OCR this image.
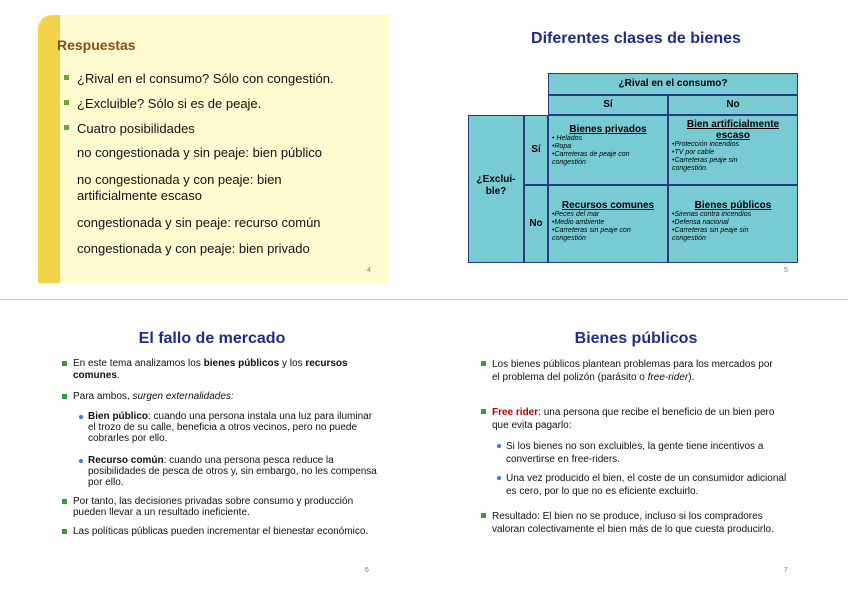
Respuestas
¿Rival en el consumo? Sólo con congestión.
¿Excluible? Sólo si es de peaje.
Cuatro posibilidades
no congestionada y sin peaje: bien público
no congestionada y con peaje: bien artificialmente escaso
congestionada y sin peaje: recurso común
congestionada y con peaje: bien privado
4
Diferentes clases de bienes
¿Rival en el consumo?
Sí	No
¿Exclui-ble?
Sí
No
Bienes privados
• Helados
•Ropa
•Carreteras de peaje con congestión
Bien artificialmente escaso
•Protección incendios
•TV por cable
•Carreteras peaje sin congestión.
Recursos comunes
•Peces del mar
•Medio ambiente
•Carreteras sin peaje con congestión
Bienes públicos
•Sirenas contra incendios
•Defensa nacional
•Carreteras sin peaje sin congestión
5
El fallo de mercado
En este tema analizamos los bienes públicos y los recursos comunes.
Para ambos, surgen externalidades:
Bien público: cuando una persona instala una luz para iluminar el trozo de su calle, beneficia a otros vecinos, pero no puede cobrarles por ello.
Recurso común: cuando una persona pesca reduce la posibilidades de pesca de otros y, sin embargo, no les compensa por ello.
Por tanto, las decisiones privadas sobre consumo y producción pueden llevar a un resultado ineficiente.
Las políticas públicas pueden incrementar el bienestar económico.
6
Bienes públicos
Los bienes públicos plantean problemas para los mercados por el problema del polizón (parásito o free-rider).
Free rider: una persona que recibe el beneficio de un bien pero que evita pagarlo:
Si los bienes no son excluibles, la gente tiene incentivos a convertirse en free-riders.
Una vez producido el bien, el coste de un consumidor adicional es cero, por lo que no es eficiente excluirlo.
Resultado: El bien no se produce, incluso si los compradores valoran colectivamente el bien más de lo que cuesta producirlo.
7
